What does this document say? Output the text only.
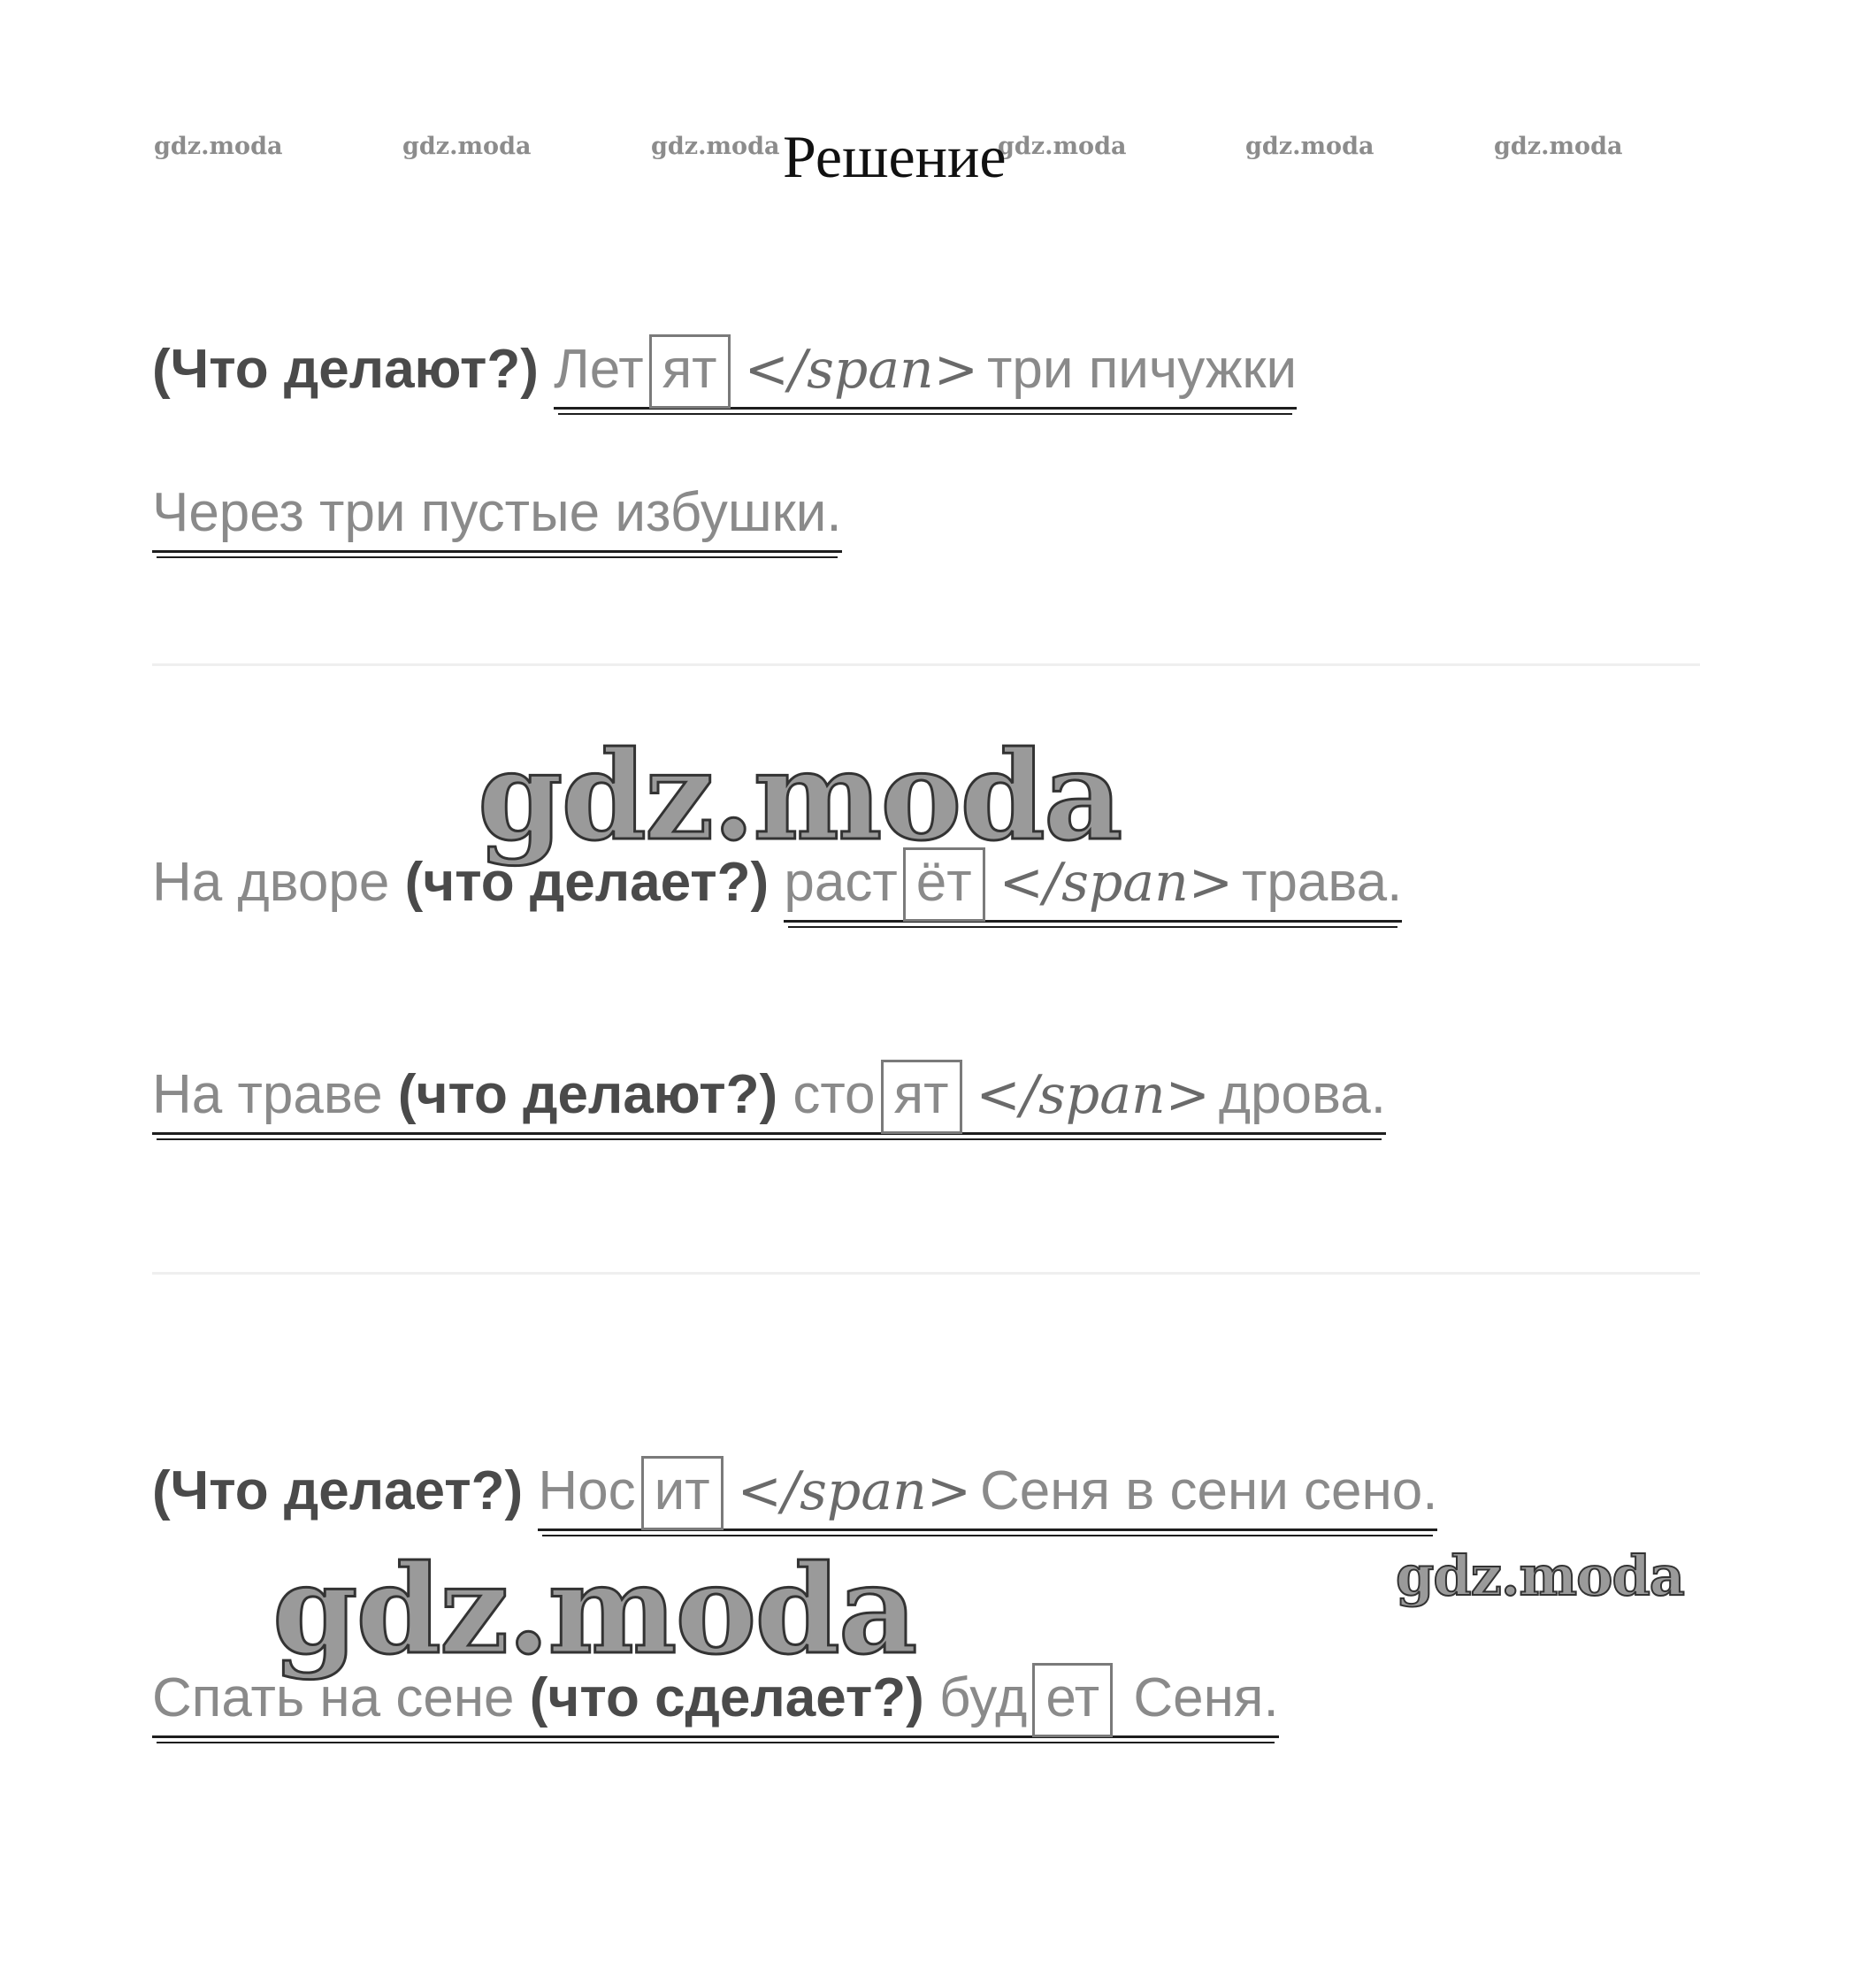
gdz.moda	gdz.moda	gdz.moda	gdz.moda	gdz.moda	gdz.moda
Решение
(Что делают?) Лет ят </span> три пичужки
Через три пустые избушки.
gdz.moda
На дворе (что делает?) раст ёт </span> трава.
На траве (что делают?) сто ят </span> дрова.
(Что делает?) Нос ит </span> Сеня в сени сено.
gdz.moda
gdz.moda
Спать на сене (что сделает?) буд ет Сеня.
